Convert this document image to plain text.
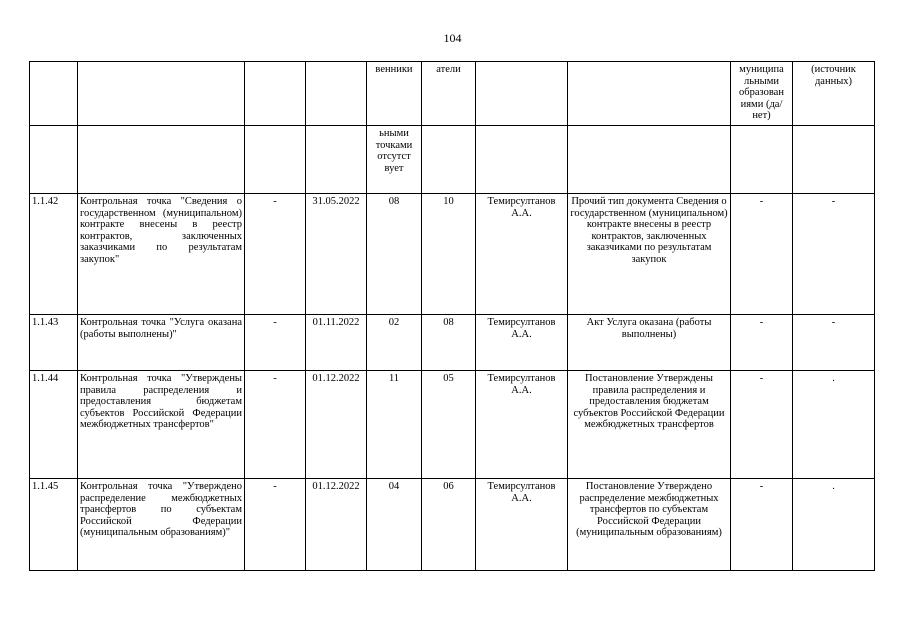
104
				венники	атели			муниципа льными образован иями (да/нет)	(источник данных)
				ьными точками отсутст вует					
1.1.42	Контрольная точка "Сведения о государственном (муниципальном) контракте внесены в реестр контрактов, заключенных заказчиками по результатам закупок"	-	31.05.2022	08	10	Темирсултанов А.А.	Прочий тип документа Сведения о государственном (муниципальном) контракте внесены в реестр контрактов, заключенных заказчиками по результатам закупок	-	-
1.1.43	Контрольная точка "Услуга оказана (работы выполнены)"	-	01.11.2022	02	08	Темирсултанов А.А.	Акт Услуга оказана (работы выполнены)	-	-
1.1.44	Контрольная точка "Утверждены правила распределения и предоставления бюджетам субъектов Российской Федерации межбюджетных трансфертов"	-	01.12.2022	11	05	Темирсултанов А.А.	Постановление Утверждены правила распределения и предоставления бюджетам субъектов Российской Федерации межбюджетных трансфертов	-	.
1.1.45	Контрольная точка "Утверждено распределение межбюджетных трансфертов по субъектам Российской Федерации (муниципальным образованиям)"	-	01.12.2022	04	06	Темирсултанов А.А.	Постановление Утверждено распределение межбюджетных трансфертов по субъектам Российской Федерации (муниципальным образованиям)	-	.
